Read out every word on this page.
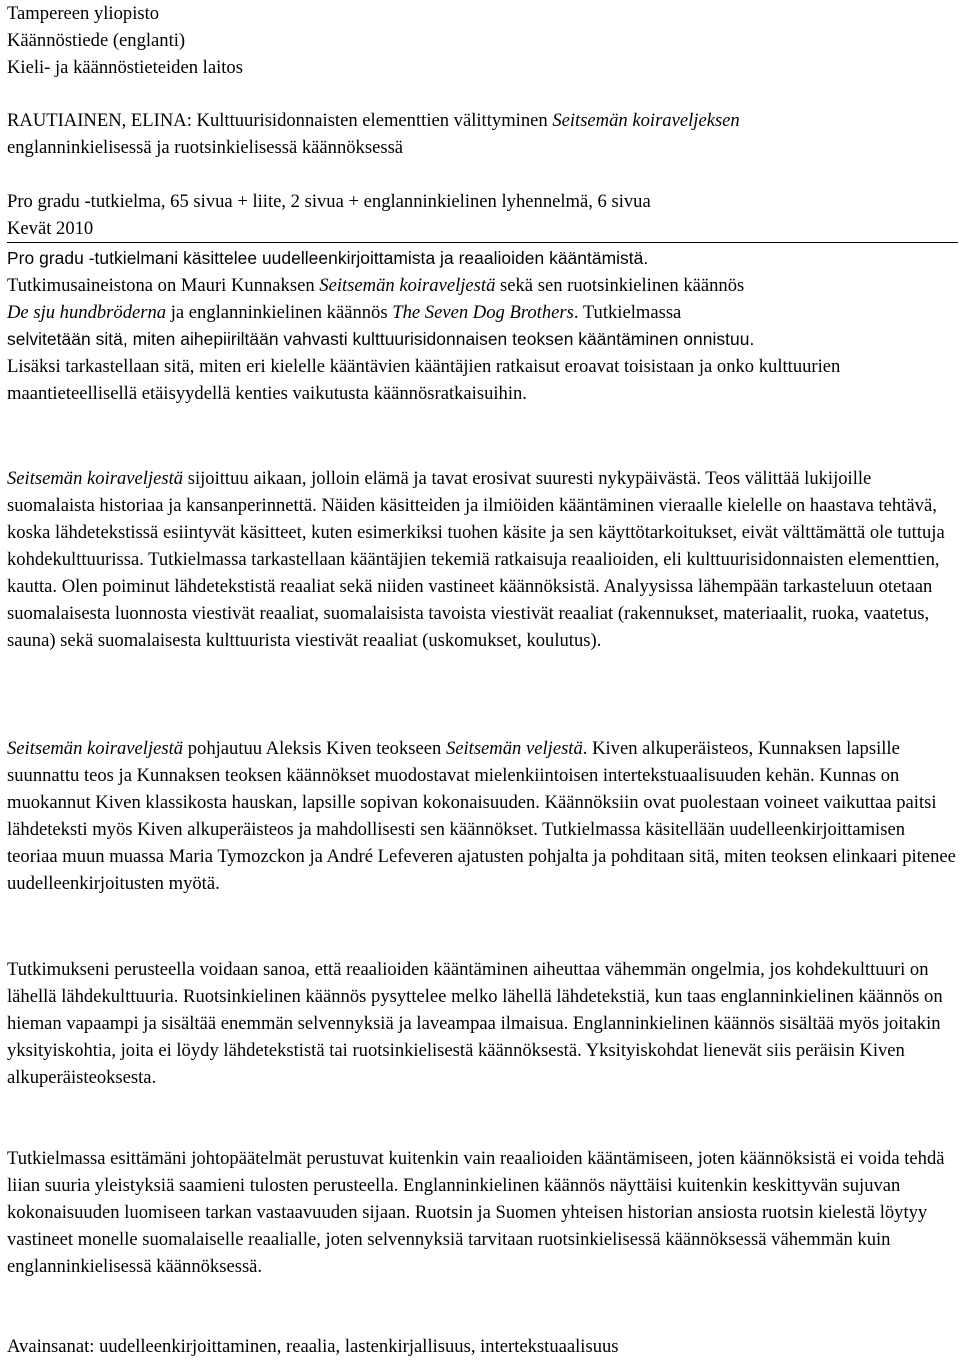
Tampereen yliopisto

Käännöstiede (englanti)

Kieli- ja käännöstieteiden laitos

RAUTIAINEN, ELINA: Kulttuurisidonnaisten elementtien välittyminen Seitsemän koiraveljeksen
englanninkielisessä ja ruotsinkielisessä käännöksessä

Pro gradu -tutkielma, 65 sivua + liite, 2 sivua + englanninkielinen lyhennelmä, 6 sivua

Kevät 2010

Pro gradu -tutkielmani käsittelee uudelleenkirjoittamista ja reaalioiden kääntämistä.
Tutkimusaineistona on Mauri Kunnaksen Seitsemän koiraveljestä sekä sen ruotsinkielinen käännös
De sju hundbröderna ja englanninkielinen käännös The Seven Dog Brothers. Tutkielmassa
selvitetään sitä, miten aihepiiriltään vahvasti kulttuurisidonnaisen teoksen kääntäminen onnistuu.
Lisäksi tarkastellaan sitä, miten eri kielelle kääntävien kääntäjien ratkaisut eroavat toisistaan ja onko kulttuurien maantieteellisellä etäisyydellä kenties vaikutusta käännösratkaisuihin.

Seitsemän koiraveljestä sijoittuu aikaan, jolloin elämä ja tavat erosivat suuresti nykypäivästä. Teos välittää lukijoille suomalaista historiaa ja kansanperinnettä. Näiden käsitteiden ja ilmiöiden kääntäminen vieraalle kielelle on haastava tehtävä, koska lähdetekstissä esiintyvät käsitteet, kuten esimerkiksi tuohen käsite ja sen käyttötarkoitukset, eivät välttämättä ole tuttuja kohdekulttuurissa. Tutkielmassa tarkastellaan kääntäjien tekemiä ratkaisuja reaalioiden, eli kulttuurisidonnaisten elementtien, kautta. Olen poiminut lähdetekstistä reaaliat sekä niiden vastineet käännöksistä. Analyysissa lähempään tarkasteluun otetaan suomalaisesta luonnosta viestivät reaaliat, suomalaisista tavoista viestivät reaaliat (rakennukset, materiaalit, ruoka, vaatetus, sauna) sekä suomalaisesta kulttuurista viestivät reaaliat (uskomukset, koulutus).

Seitsemän koiraveljestä pohjautuu Aleksis Kiven teokseen Seitsemän veljestä. Kiven alkuperäisteos, Kunnaksen lapsille suunnattu teos ja Kunnaksen teoksen käännökset muodostavat mielenkiintoisen intertekstuaalisuuden kehän. Kunnas on muokannut Kiven klassikosta hauskan, lapsille sopivan kokonaisuuden. Käännöksiin ovat puolestaan voineet vaikuttaa paitsi lähdeteksti myös Kiven alkuperäisteos ja mahdollisesti sen käännökset. Tutkielmassa käsitellään uudelleenkirjoittamisen teoriaa muun muassa Maria Tymozckon ja André Lefeveren ajatusten pohjalta ja pohditaan sitä, miten teoksen elinkaari pitenee uudelleenkirjoitusten myötä.

Tutkimukseni perusteella voidaan sanoa, että reaalioiden kääntäminen aiheuttaa vähemmän ongelmia, jos kohdekulttuuri on lähellä lähdekulttuuria. Ruotsinkielinen käännös pysyttelee melko lähellä lähdetekstiä, kun taas englanninkielinen käännös on hieman vapaampi ja sisältää enemmän selvennyksiä ja laveampaa ilmaisua. Englanninkielinen käännös sisältää myös joitakin yksityiskohtia, joita ei löydy lähdetekstistä tai ruotsinkielisestä käännöksestä. Yksityiskohdat lienevät siis peräisin Kiven alkuperäisteoksesta.

Tutkielmassa esittämäni johtopäätelmät perustuvat kuitenkin vain reaalioiden kääntämiseen, joten käännöksistä ei voida tehdä liian suuria yleistyksiä saamieni tulosten perusteella. Englanninkielinen käännös näyttäisi kuitenkin keskittyvän sujuvan kokonaisuuden luomiseen tarkan vastaavuuden sijaan. Ruotsin ja Suomen yhteisen historian ansiosta ruotsin kielestä löytyy vastineet monelle suomalaiselle reaalialle, joten selvennyksiä tarvitaan ruotsinkielisessä käännöksessä vähemmän kuin englanninkielisessä käännöksessä.

Avainsanat: uudelleenkirjoittaminen, reaalia, lastenkirjallisuus, intertekstuaalisuus
